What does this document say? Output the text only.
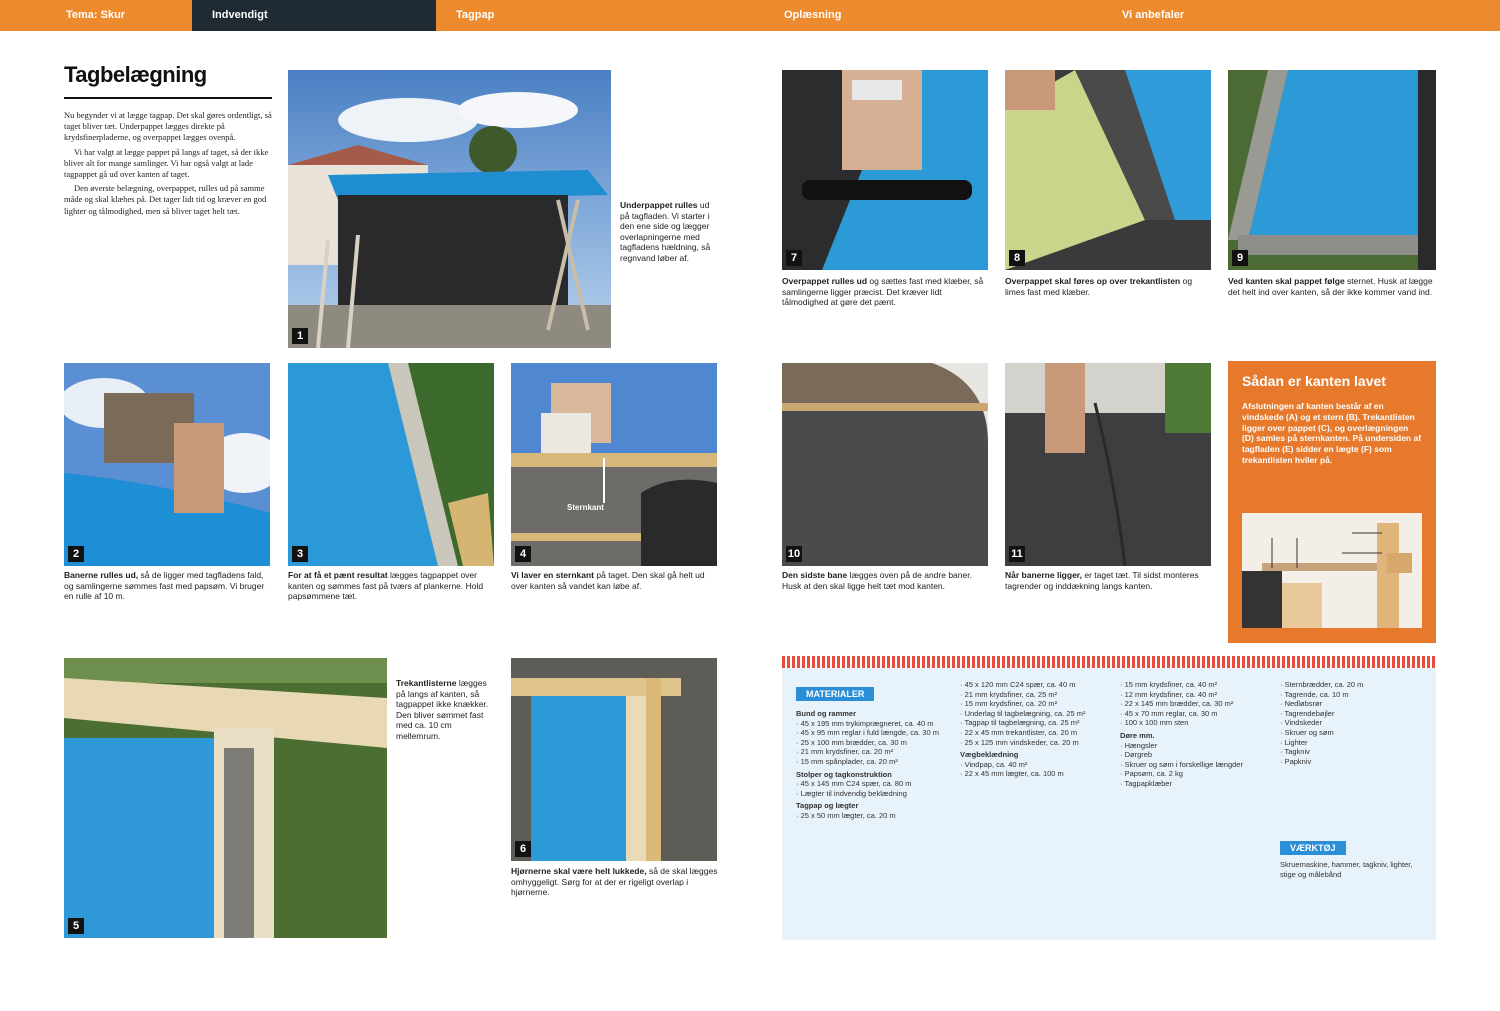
Tema: Skur	Indvendigt	Tagpap	Oplæsning	Vi anbefaler
Tagbelægning

Nu begynder vi at lægge tagpap. Det skal gøres ordentligt, så taget bliver tæt. Underpappet lægges direkte på krydsfinerpladerne, og overpappet lægges ovenpå.

Vi har valgt at lægge pappet på langs af taget, så der ikke bliver alt for mange samlinger. Vi har også valgt at lade tagpappet gå ud over kanten af taget.

Den øverste belægning, overpappet, rulles ud på samme måde og skal klæbes på. Det tager lidt tid og kræver en god lighter og tålmodighed, men så bliver taget helt tæt.

1
Underpappet rulles ud på tagfladen. Vi starter i den ene side og lægger overlapningerne med tagfladens hældning, så regnvand løber af.
2
Banerne rulles ud, så de ligger med tagfladens fald, og samlingerne sømmes fast med papsøm. Vi bruger en rulle af 10 m.
3
For at få et pænt resultat lægges tagpappet over kanten og sømmes fast på tværs af plankerne. Hold papsømmene tæt.
Sternkant
4
Vi laver en sternkant på taget. Den skal gå helt ud over kanten så vandet kan løbe af.
5
Trekantlisterne lægges på langs af kanten, så tagpappet ikke knækker. Den bliver sømmet fast med ca. 10 cm mellemrum.
6
Hjørnerne skal være helt lukkede, så de skal lægges omhyggeligt. Sørg for at der er rigeligt overlap i hjørnerne.
7
Overpappet rulles ud og sættes fast med klæber, så samlingerne ligger præcist. Det kræver lidt tålmodighed at gøre det pænt.
8
Overpappet skal føres op over trekantlisten og limes fast med klæber.
9
Ved kanten skal pappet følge sternet. Husk at lægge det helt ind over kanten, så der ikke kommer vand ind.
10
Den sidste bane lægges oven på de andre baner. Husk at den skal ligge helt tæt mod kanten.
11
Når banerne ligger, er taget tæt. Til sidst monteres tagrender og inddækning langs kanten.
Sådan er kanten lavet
Afslutningen af kanten består af en vindskede (A) og et stern (B). Trekantlisten ligger over pappet (C), og overlægningen (D) samles på sternkanten. På undersiden af tagfladen (E) sidder en lægte (F) som trekantlisten hviler på.
MATERIALER
Bund og rammer
· 45 x 195 mm trykimprægneret, ca. 40 m
· 45 x 95 mm reglar i fuld længde, ca. 30 m
· 25 x 100 mm brædder, ca. 30 m
· 21 mm krydsfiner, ca. 20 m²
· 15 mm spånplader, ca. 20 m²
Stolper og tagkonstruktion
· 45 x 145 mm C24 spær, ca. 80 m
· Lægter til indvendig beklædning
Tagpap og lægter
· 25 x 50 mm lægter, ca. 20 m
· 45 x 120 mm C24 spær, ca. 40 m
· 21 mm krydsfiner, ca. 25 m²
· 15 mm krydsfiner, ca. 20 m²
· Underlag til tagbelægning, ca. 25 m²
· Tagpap til tagbelægning, ca. 25 m²
· 22 x 45 mm trekantlister, ca. 20 m
· 25 x 125 mm vindskeder, ca. 20 m
Vægbeklædning
· Vindpap, ca. 40 m²
· 22 x 45 mm lægter, ca. 100 m
· 15 mm krydsfiner, ca. 40 m²
· 12 mm krydsfiner, ca. 40 m²
· 22 x 145 mm brædder, ca. 30 m²
· 45 x 70 mm reglar, ca. 30 m
· 100 x 100 mm sten
Døre mm.
· Hængsler
· Dørgreb
· Skruer og søm i forskellige længder
· Papsøm, ca. 2 kg
· Tagpapklæber
· Sternbrædder, ca. 20 m
· Tagrende, ca. 10 m
· Nedløbsrør
· Tagrendebøjler
· Vindskeder
· Skruer og søm
· Lighter
· Tagkniv
· Papkniv
VÆRKTØJ
Skruemaskine, hammer, tagkniv, lighter, stige og målebånd
